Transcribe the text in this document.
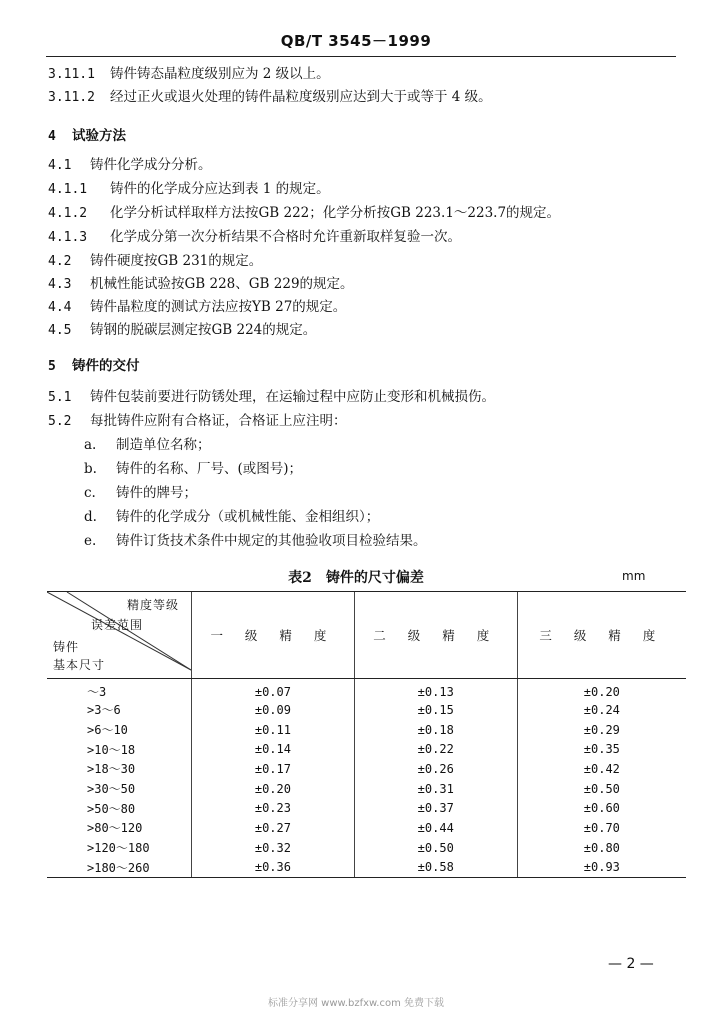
QB/T 3545－1999
3.11.1 铸件铸态晶粒度级别应为 2 级以上。
3.11.2 经过正火或退火处理的铸件晶粒度级别应达到大于或等于 4 级。
4 试验方法
4.1 铸件化学成分分析。
4.1.1 铸件的化学成分应达到表 1 的规定。
4.1.2 化学分析试样取样方法按GB 222；化学分析按GB 223.1～223.7的规定。
4.1.3 化学成分第一次分析结果不合格时允许重新取样复验一次。
4.2 铸件硬度按GB 231的规定。
4.3 机械性能试验按GB 228、GB 229的规定。
4.4 铸件晶粒度的测试方法应按YB 27的规定。
4.5 铸钢的脱碳层测定按GB 224的规定。
5 铸件的交付
5.1 铸件包装前要进行防锈处理，在运输过程中应防止变形和机械损伤。
5.2 每批铸件应附有合格证，合格证上应注明：
a. 制造单位名称；
b. 铸件的名称、厂号、(或图号)；
c. 铸件的牌号；
d. 铸件的化学成分（或机械性能、金相组织）；
e. 铸件订货技术条件中规定的其他验收项目检验结果。
表2　铸件的尺寸偏差	mm
精度等级
误差范围
铸件
基本尺寸	一 级 精 度	二 级 精 度	三 级 精 度
～3	±0.07	±0.13	±0.20
>3～6	±0.09	±0.15	±0.24
>6～10	±0.11	±0.18	±0.29
>10～18	±0.14	±0.22	±0.35
>18～30	±0.17	±0.26	±0.42
>30～50	±0.20	±0.31	±0.50
>50～80	±0.23	±0.37	±0.60
>80～120	±0.27	±0.44	±0.70
>120～180	±0.32	±0.50	±0.80
>180～260	±0.36	±0.58	±0.93
— 2 —
标准分享网 www.bzfxw.com 免费下载
